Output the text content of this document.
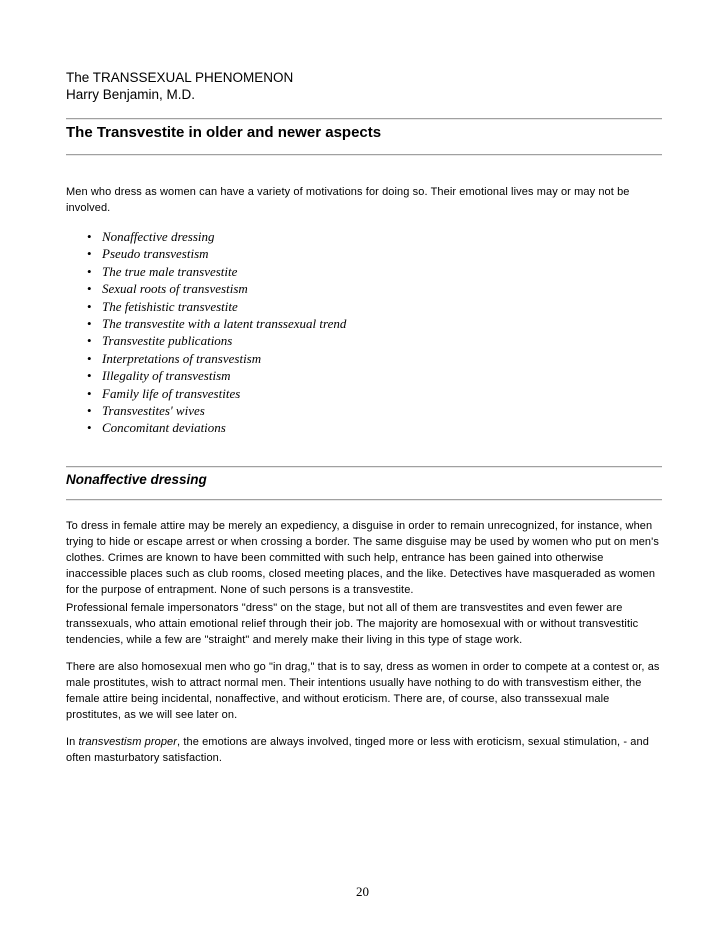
The TRANSSEXUAL PHENOMENON
Harry Benjamin, M.D.
The Transvestite in older and newer aspects
Men who dress as women can have a variety of motivations for doing so. Their emotional lives may or may not be involved.
• Nonaffective dressing
• Pseudo transvestism
• The true male transvestite
• Sexual roots of transvestism
• The fetishistic transvestite
• The transvestite with a latent transsexual trend
• Transvestite publications
• Interpretations of transvestism
• Illegality of transvestism
• Family life of transvestites
• Transvestites' wives
• Concomitant deviations
Nonaffective dressing
To dress in female attire may be merely an expediency, a disguise in order to remain unrecognized, for instance, when trying to hide or escape arrest or when crossing a border. The same disguise may be used by women who put on men's clothes. Crimes are known to have been committed with such help, entrance has been gained into otherwise inaccessible places such as club rooms, closed meeting places, and the like. Detectives have masqueraded as women for the purpose of entrapment. None of such persons is a transvestite.
Professional female impersonators "dress" on the stage, but not all of them are transvestites and even fewer are transsexuals, who attain emotional relief through their job. The majority are homosexual with or without transvestitic tendencies, while a few are "straight" and merely make their living in this type of stage work.
There are also homosexual men who go "in drag," that is to say, dress as women in order to compete at a contest or, as male prostitutes, wish to attract normal men. Their intentions usually have nothing to do with transvestism either, the female attire being incidental, nonaffective, and without eroticism. There are, of course, also transsexual male prostitutes, as we will see later on.
In transvestism proper, the emotions are always involved, tinged more or less with eroticism, sexual stimulation, - and often masturbatory satisfaction.
20
